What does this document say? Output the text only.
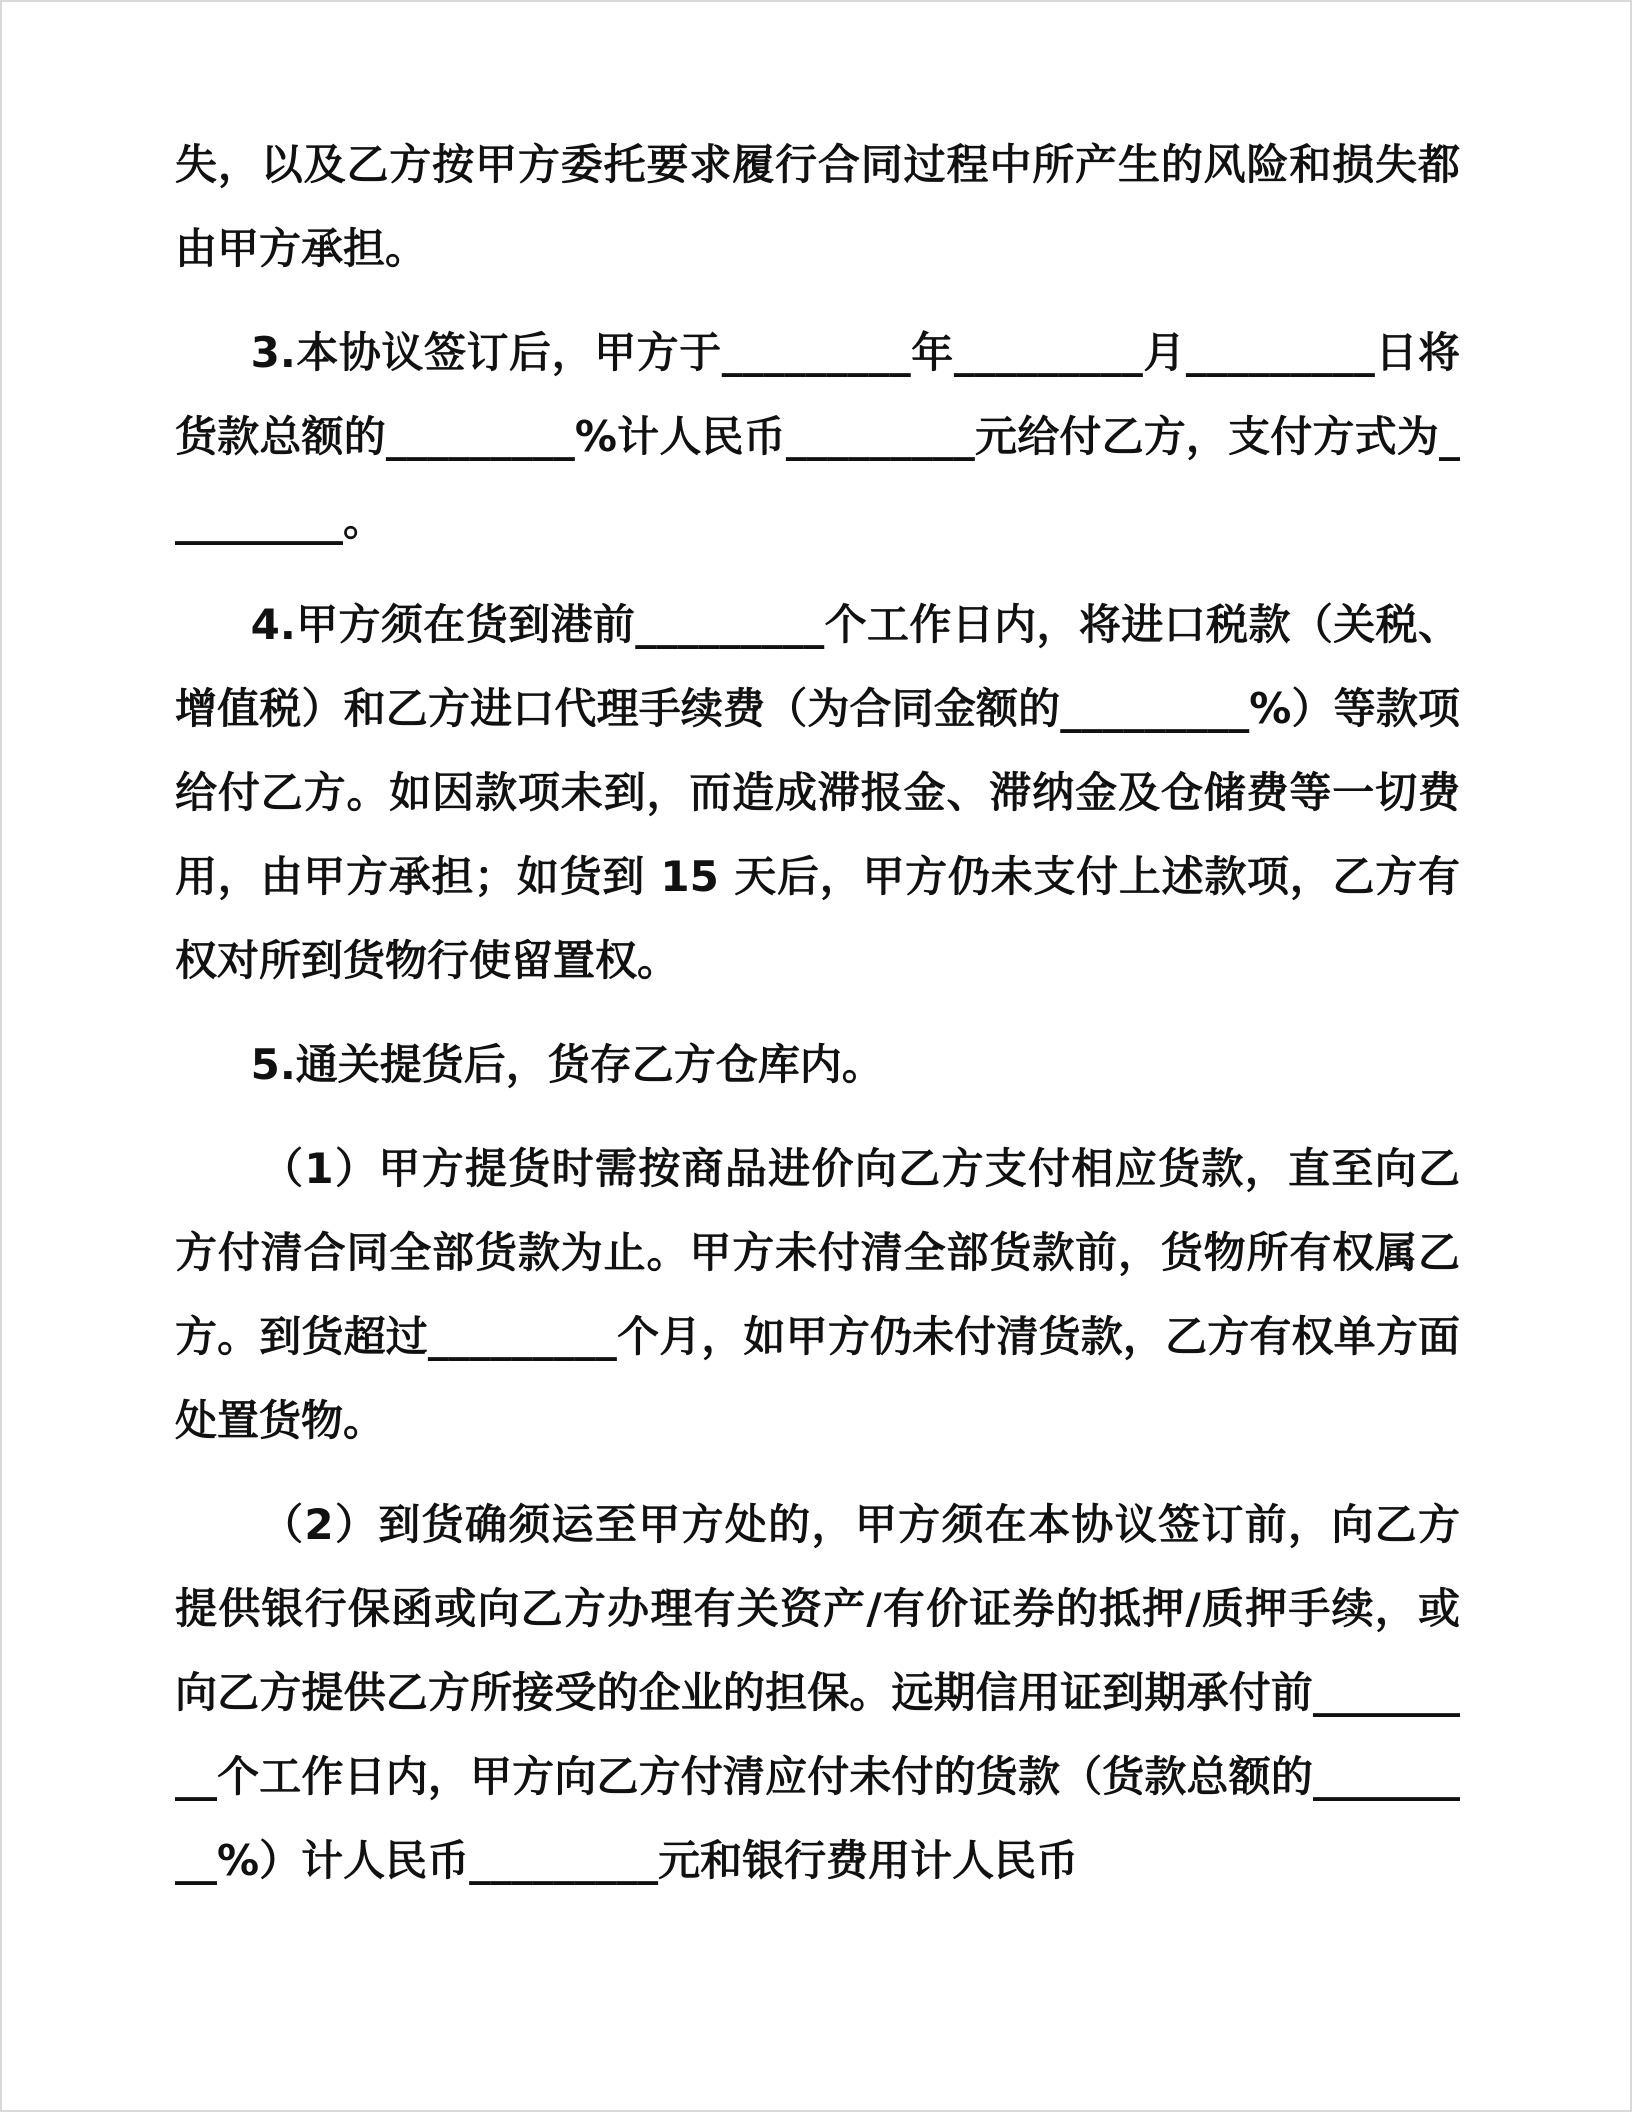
失，以及乙方按甲方委托要求履行合同过程中所产生的风险和损失都由甲方承担。

3.本协议签订后，甲方于_________年_________月_________日将货款总额的_________%计人民币_________元给付乙方，支付方式为_________。

4.甲方须在货到港前_________个工作日内，将进口税款（关税、增值税）和乙方进口代理手续费（为合同金额的_________%）等款项给付乙方。如因款项未到，而造成滞报金、滞纳金及仓储费等一切费用，由甲方承担；如货到 15 天后，甲方仍未支付上述款项，乙方有权对所到货物行使留置权。

5.通关提货后，货存乙方仓库内。

（1）甲方提货时需按商品进价向乙方支付相应货款，直至向乙方付清合同全部货款为止。甲方未付清全部货款前，货物所有权属乙方。到货超过_________个月，如甲方仍未付清货款，乙方有权单方面处置货物。

（2）到货确须运至甲方处的，甲方须在本协议签订前，向乙方提供银行保函或向乙方办理有关资产/有价证券的抵押/质押手续，或向乙方提供乙方所接受的企业的担保。远期信用证到期承付前_________个工作日内，甲方向乙方付清应付未付的货款（货款总额的_________%）计人民币_________元和银行费用计人民币
